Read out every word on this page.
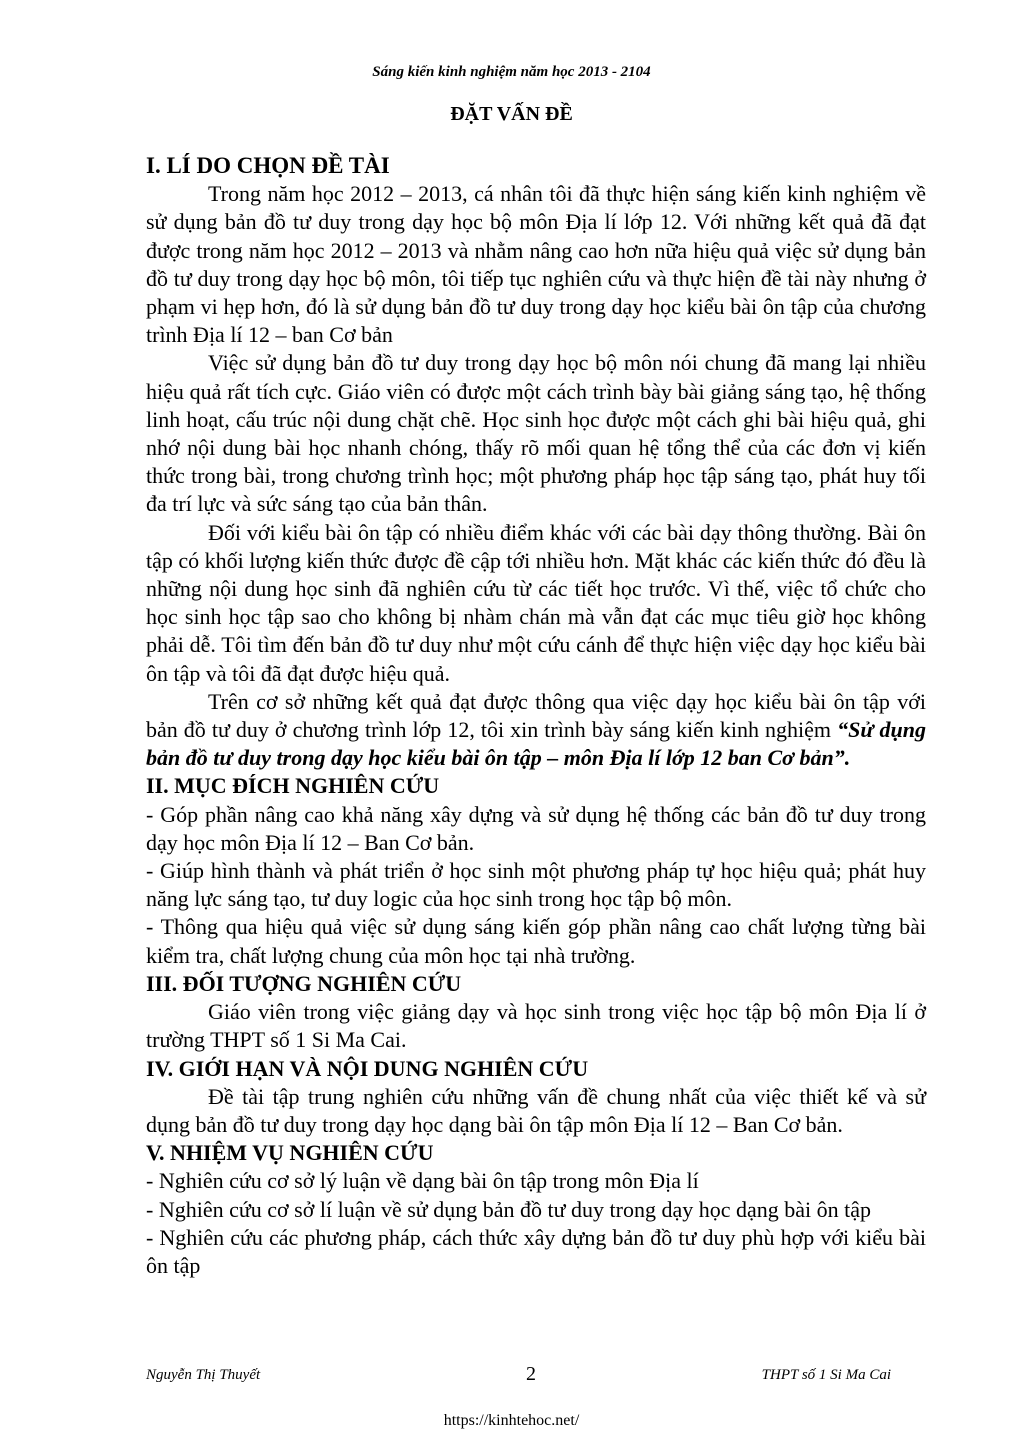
Sáng kiến kinh nghiệm năm học 2013 - 2104
ĐẶT VẤN ĐỀ
I. LÍ DO CHỌN ĐỀ TÀI

Trong năm học 2012 – 2013, cá nhân tôi đã thực hiện sáng kiến kinh nghiệm về sử dụng bản đồ tư duy trong dạy học bộ môn Địa lí lớp 12. Với những kết quả đã đạt được trong năm học 2012 – 2013 và nhằm nâng cao hơn nữa hiệu quả việc sử dụng bản đồ tư duy trong dạy học bộ môn, tôi tiếp tục nghiên cứu và thực hiện đề tài này nhưng ở phạm vi hẹp hơn, đó là sử dụng bản đồ tư duy trong dạy học kiểu bài ôn tập của chương trình Địa lí 12 – ban Cơ bản

Việc sử dụng bản đồ tư duy trong dạy học bộ môn nói chung đã mang lại nhiều hiệu quả rất tích cực. Giáo viên có được một cách trình bày bài giảng sáng tạo, hệ thống linh hoạt, cấu trúc nội dung chặt chẽ. Học sinh học được một cách ghi bài hiệu quả, ghi nhớ nội dung bài học nhanh chóng, thấy rõ mối quan hệ tổng thể của các đơn vị kiến thức trong bài, trong chương trình học; một phương pháp học tập sáng tạo, phát huy tối đa trí lực và sức sáng tạo của bản thân.

Đối với kiểu bài ôn tập có nhiều điểm khác với các bài dạy thông thường. Bài ôn tập có khối lượng kiến thức được đề cập tới nhiều hơn. Mặt khác các kiến thức đó đều là những nội dung học sinh đã nghiên cứu từ các tiết học trước. Vì thế, việc tổ chức cho học sinh học tập sao cho không bị nhàm chán mà vẫn đạt các mục tiêu giờ học không phải dễ. Tôi tìm đến bản đồ tư duy như một cứu cánh để thực hiện việc dạy học kiểu bài ôn tập và tôi đã đạt được hiệu quả.

Trên cơ sở những kết quả đạt được thông qua việc dạy học kiểu bài ôn tập với bản đồ tư duy ở chương trình lớp 12, tôi xin trình bày sáng kiến kinh nghiệm “Sử dụng bản đồ tư duy trong dạy học kiểu bài ôn tập – môn Địa lí lớp 12 ban Cơ bản”.

II. MỤC ĐÍCH NGHIÊN CỨU

- Góp phần nâng cao khả năng xây dựng và sử dụng hệ thống các bản đồ tư duy trong dạy học môn Địa lí 12 – Ban Cơ bản.

- Giúp hình thành và phát triển ở học sinh một phương pháp tự học hiệu quả; phát huy năng lực sáng tạo, tư duy logic của học sinh trong học tập bộ môn.

- Thông qua hiệu quả việc sử dụng sáng kiến góp phần nâng cao chất lượng từng bài kiểm tra, chất lượng chung của môn học tại nhà trường.

III. ĐỐI TƯỢNG NGHIÊN CỨU

Giáo viên trong việc giảng dạy và học sinh trong việc học tập bộ môn Địa lí ở trường THPT số 1 Si Ma Cai.

IV. GIỚI HẠN VÀ NỘI DUNG NGHIÊN CỨU

Đề tài tập trung nghiên cứu những vấn đề chung nhất của việc thiết kế và sử dụng bản đồ tư duy trong dạy học dạng bài ôn tập môn Địa lí 12 – Ban Cơ bản.

V. NHIỆM VỤ NGHIÊN CỨU

- Nghiên cứu cơ sở lý luận về dạng bài ôn tập trong môn Địa lí

- Nghiên cứu cơ sở lí luận về sử dụng bản đồ tư duy trong dạy học dạng bài ôn tập

- Nghiên cứu các phương pháp, cách thức xây dựng bản đồ tư duy phù hợp với kiểu bài ôn tập

Nguyễn Thị Thuyết	2	THPT số 1 Si Ma Cai
https://kinhtehoc.net/
